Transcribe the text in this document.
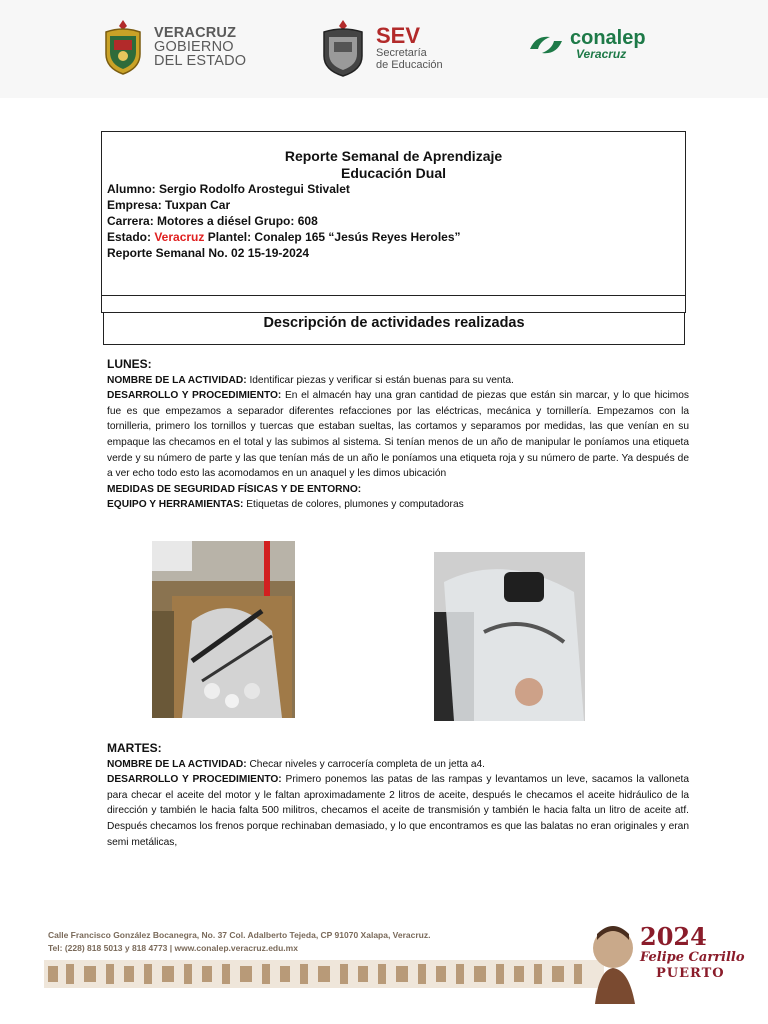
VERACRUZ
GOBIERNO
DEL ESTADO
SEV
Secretaría
de Educación
conalep
Veracruz
Reporte Semanal de Aprendizaje
Educación Dual
Alumno: Sergio Rodolfo Arostegui Stivalet
Empresa: Tuxpan Car
Carrera: Motores a diésel Grupo: 608
Estado: Veracruz Plantel: Conalep 165 “Jesús Reyes Heroles”
Reporte Semanal No. 02 15-19-2024
Descripción de actividades realizadas
LUNES:
NOMBRE DE LA ACTIVIDAD: Identificar piezas y verificar si están buenas para su venta.
DESARROLLO Y PROCEDIMIENTO: En el almacén hay una gran cantidad de piezas que están sin marcar, y lo que hicimos fue es que empezamos a separador diferentes refacciones por las eléctricas, mecánica y tornillería. Empezamos con la tornilleria, primero los tornillos y tuercas que estaban sueltas, las cortamos y separamos por medidas, las que venían en su empaque las checamos en el total y las subimos al sistema. Si tenían menos de un año de manipular le poníamos una etiqueta verde y su número de parte y las que tenían más de un año le poníamos una etiqueta roja y su número de parte. Ya después de a ver echo todo esto las acomodamos en un anaquel y les dimos ubicación
MEDIDAS DE SEGURIDAD FÍSICAS Y DE ENTORNO:
EQUIPO Y HERRAMIENTAS: Etiquetas de colores, plumones y computadoras
MARTES:
NOMBRE DE LA ACTIVIDAD: Checar niveles y carrocería completa de un jetta a4.
DESARROLLO Y PROCEDIMIENTO: Primero ponemos las patas de las rampas y levantamos un leve, sacamos la valloneta para checar el aceite del motor y le faltan aproximadamente 2 litros de aceite, después le checamos el aceite hidráulico de la dirección y también le hacia falta 500 militros, checamos el aceite de transmisión y también le hacia falta un litro de aceite atf. Después checamos los frenos porque rechinaban demasiado, y lo que encontramos es que las balatas no eran originales y eran semi metálicas,
Calle Francisco González Bocanegra, No. 37 Col. Adalberto Tejeda, CP 91070 Xalapa, Veracruz.
Tel: (228) 818 5013 y 818 4773 | www.conalep.veracruz.edu.mx	2024
Felipe Carrillo
PUERTO
